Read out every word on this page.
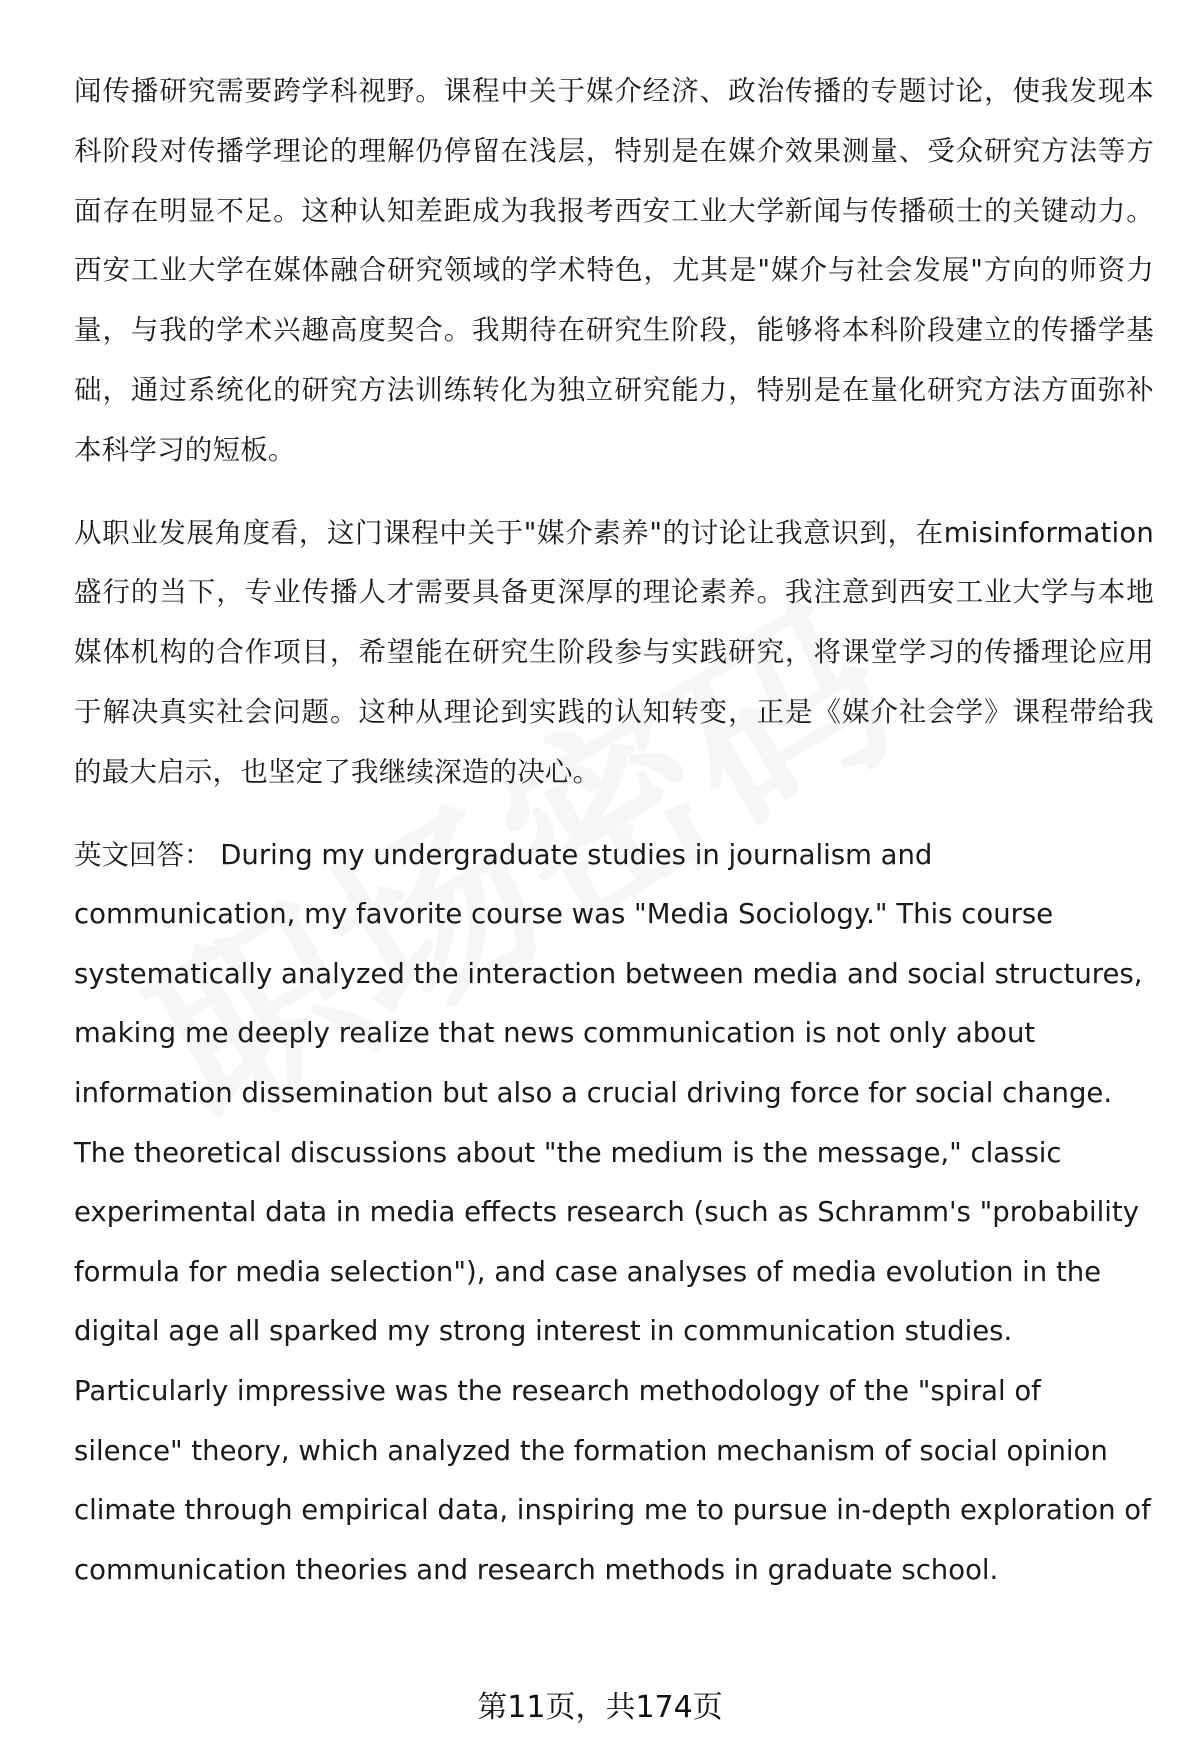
闻传播研究需要跨学科视野。课程中关于媒介经济、政治传播的专题讨论，使我发现本科阶段对传播学理论的理解仍停留在浅层，特别是在媒介效果测量、受众研究方法等方面存在明显不足。这种认知差距成为我报考西安工业大学新闻与传播硕士的关键动力。西安工业大学在媒体融合研究领域的学术特色，尤其是"媒介与社会发展"方向的师资力量，与我的学术兴趣高度契合。我期待在研究生阶段，能够将本科阶段建立的传播学基础，通过系统化的研究方法训练转化为独立研究能力，特别是在量化研究方法方面弥补本科学习的短板。

从职业发展角度看，这门课程中关于"媒介素养"的讨论让我意识到，在misinformation盛行的当下，专业传播人才需要具备更深厚的理论素养。我注意到西安工业大学与本地媒体机构的合作项目，希望能在研究生阶段参与实践研究，将课堂学习的传播理论应用于解决真实社会问题。这种从理论到实践的认知转变，正是《媒介社会学》课程带给我的最大启示，也坚定了我继续深造的决心。

英文回答： During my undergraduate studies in journalism and communication, my favorite course was "Media Sociology." This course systematically analyzed the interaction between media and social structures, making me deeply realize that news communication is not only about information dissemination but also a crucial driving force for social change. The theoretical discussions about "the medium is the message," classic experimental data in media effects research (such as Schramm's "probability formula for media selection"), and case analyses of media evolution in the digital age all sparked my strong interest in communication studies. Particularly impressive was the research methodology of the "spiral of silence" theory, which analyzed the formation mechanism of social opinion climate through empirical data, inspiring me to pursue in-depth exploration of communication theories and research methods in graduate school.

第11页，共174页
